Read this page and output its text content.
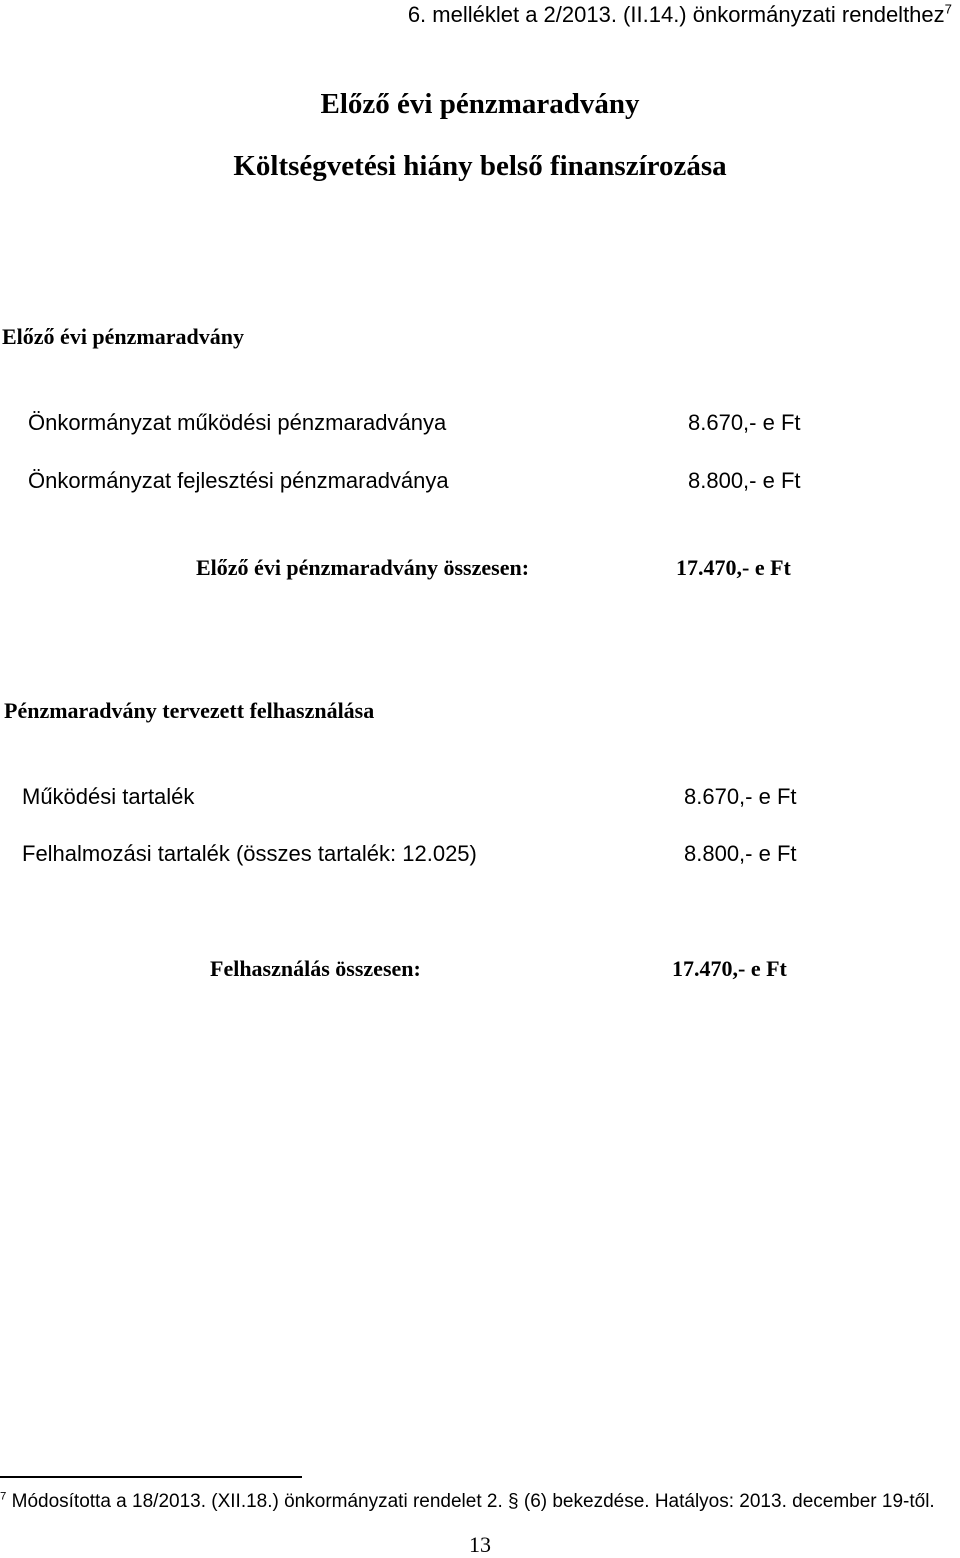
6. melléklet a 2/2013. (II.14.) önkormányzati rendelthez$^7$
Előző évi pénzmaradvány
Költségvetési hiány belső finanszírozása
Előző évi pénzmaradvány
Önkormányzat működési pénzmaradványa	8.670,- e Ft
Önkormányzat fejlesztési pénzmaradványa	8.800,- e Ft
Előző évi pénzmaradvány összesen:	17.470,- e Ft
Pénzmaradvány tervezett felhasználása
Működési tartalék	8.670,- e Ft
Felhalmozási tartalék (összes tartalék: 12.025)	8.800,- e Ft
Felhasználás összesen:	17.470,- e Ft
$^7$ Módosította a 18/2013. (XII.18.) önkormányzati rendelet 2. § (6) bekezdése. Hatályos: 2013. december 19-től.
13
